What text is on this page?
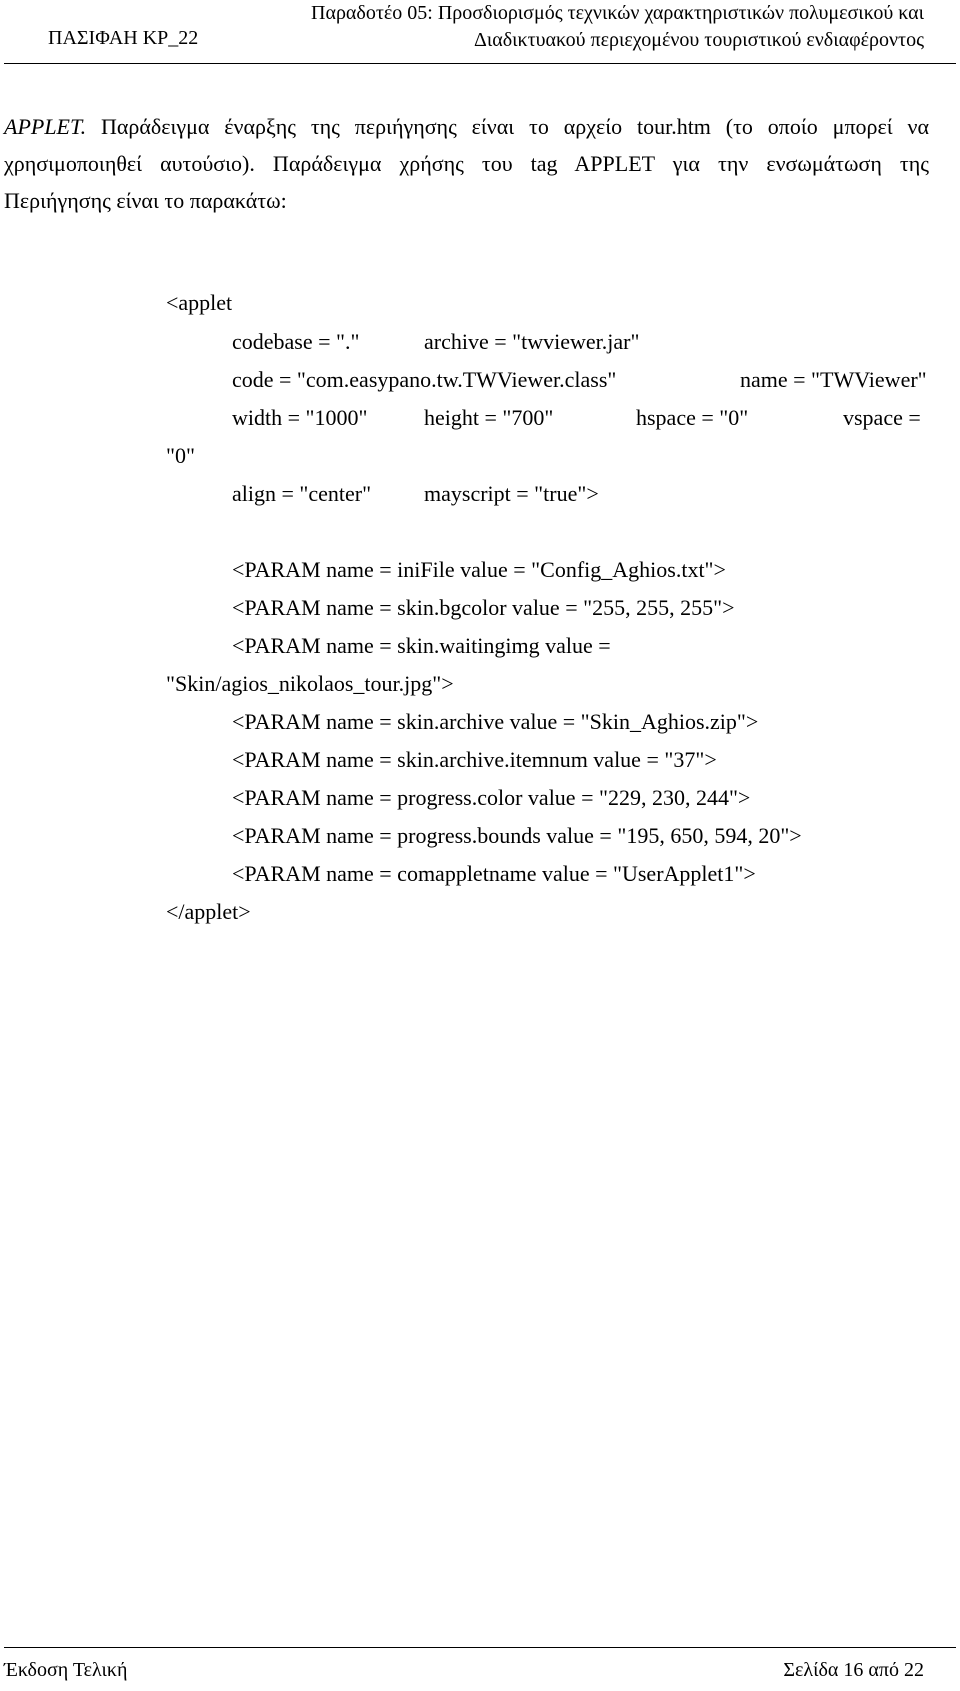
ΠΑΣΙΦΑΗ ΚΡ_22
Παραδοτέο 05: Προσδιορισμός τεχνικών χαρακτηριστικών πολυμεσικού και
Διαδικτυακού περιεχομένου τουριστικού ενδιαφέροντος
APPLET. Παράδειγμα έναρξης της περιήγησης είναι το αρχείο tour.htm (το οποίο μπορεί να
χρησιμοποιηθεί αυτούσιο). Παράδειγμα χρήσης του tag APPLET για την ενσωμάτωση της
Περιήγησης είναι το παρακάτω:
<applet
codebase = "."	archive = "twviewer.jar"
code = "com.easypano.tw.TWViewer.class"	name = "TWViewer"
width = "1000"	height = "700"	hspace = "0"	vspace =
"0"
align = "center" mayscript = "true">
<PARAM name = iniFile value = "Config_Aghios.txt">
<PARAM name = skin.bgcolor value = "255, 255, 255">
<PARAM name = skin.waitingimg value =
"Skin/agios_nikolaos_tour.jpg">
<PARAM name = skin.archive value = "Skin_Aghios.zip">
<PARAM name = skin.archive.itemnum value = "37">
<PARAM name = progress.color value = "229, 230, 244">
<PARAM name = progress.bounds value = "195, 650, 594, 20">
<PARAM name = comappletname value = "UserApplet1">
</applet>
Έκδοση Τελική	Σελίδα 16 από 22
